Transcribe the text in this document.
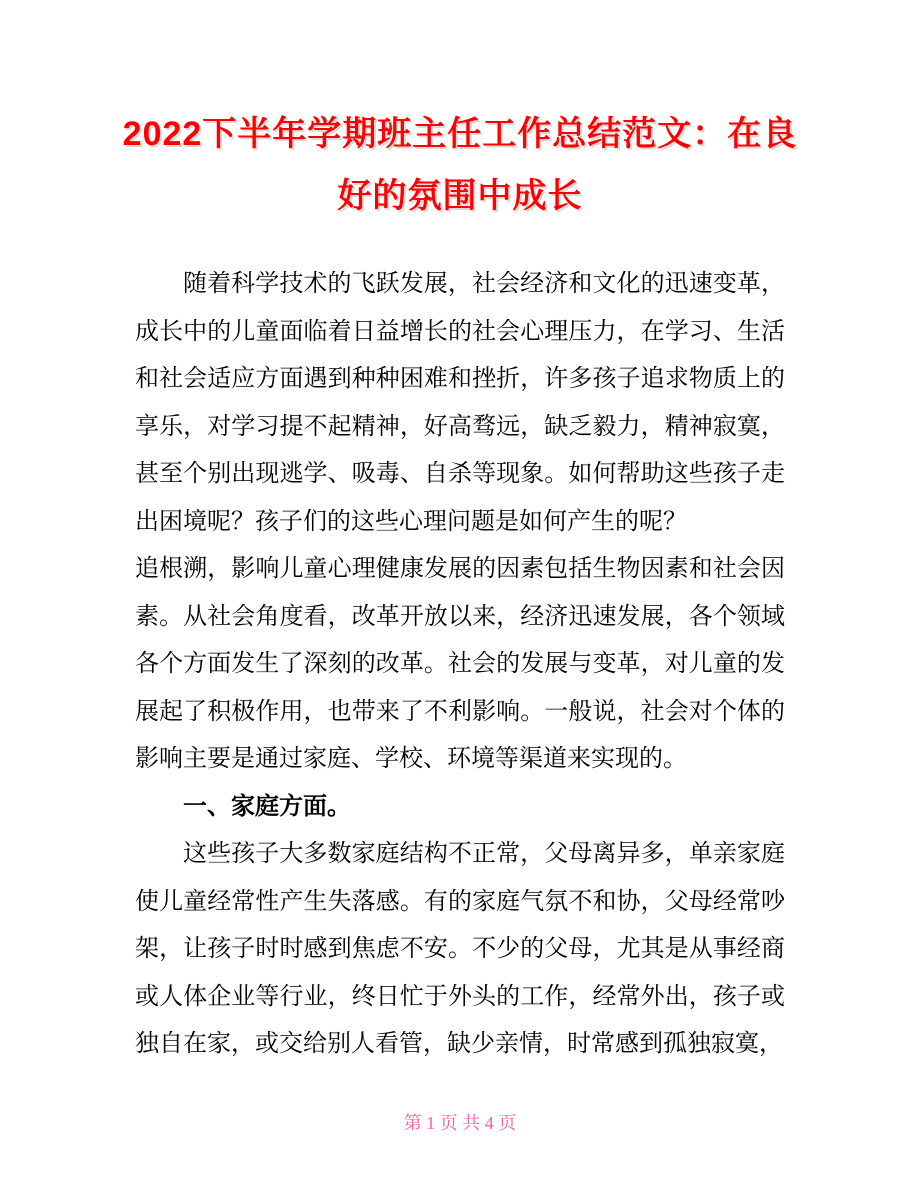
2022下半年学期班主任工作总结范文：在良好的氛围中成长

随着科学技术的飞跃发展，社会经济和文化的迅速变革，成长中的儿童面临着日益增长的社会心理压力，在学习、生活和社会适应方面遇到种种困难和挫折，许多孩子追求物质上的享乐，对学习提不起精神，好高骛远，缺乏毅力，精神寂寞，甚至个别出现逃学、吸毒、自杀等现象。如何帮助这些孩子走出困境呢？孩子们的这些心理问题是如何产生的呢？

追根溯，影响儿童心理健康发展的因素包括生物因素和社会因素。从社会角度看，改革开放以来，经济迅速发展，各个领域各个方面发生了深刻的改革。社会的发展与变革，对儿童的发展起了积极作用，也带来了不利影响。一般说，社会对个体的影响主要是通过家庭、学校、环境等渠道来实现的。

一、家庭方面。

这些孩子大多数家庭结构不正常，父母离异多，单亲家庭使儿童经常性产生失落感。有的家庭气氛不和协，父母经常吵架，让孩子时时感到焦虑不安。不少的父母，尤其是从事经商或人体企业等行业，终日忙于外头的工作，经常外出，孩子或独自在家，或交给别人看管，缺少亲情，时常感到孤独寂寞，

第 1 页 共 4 页
